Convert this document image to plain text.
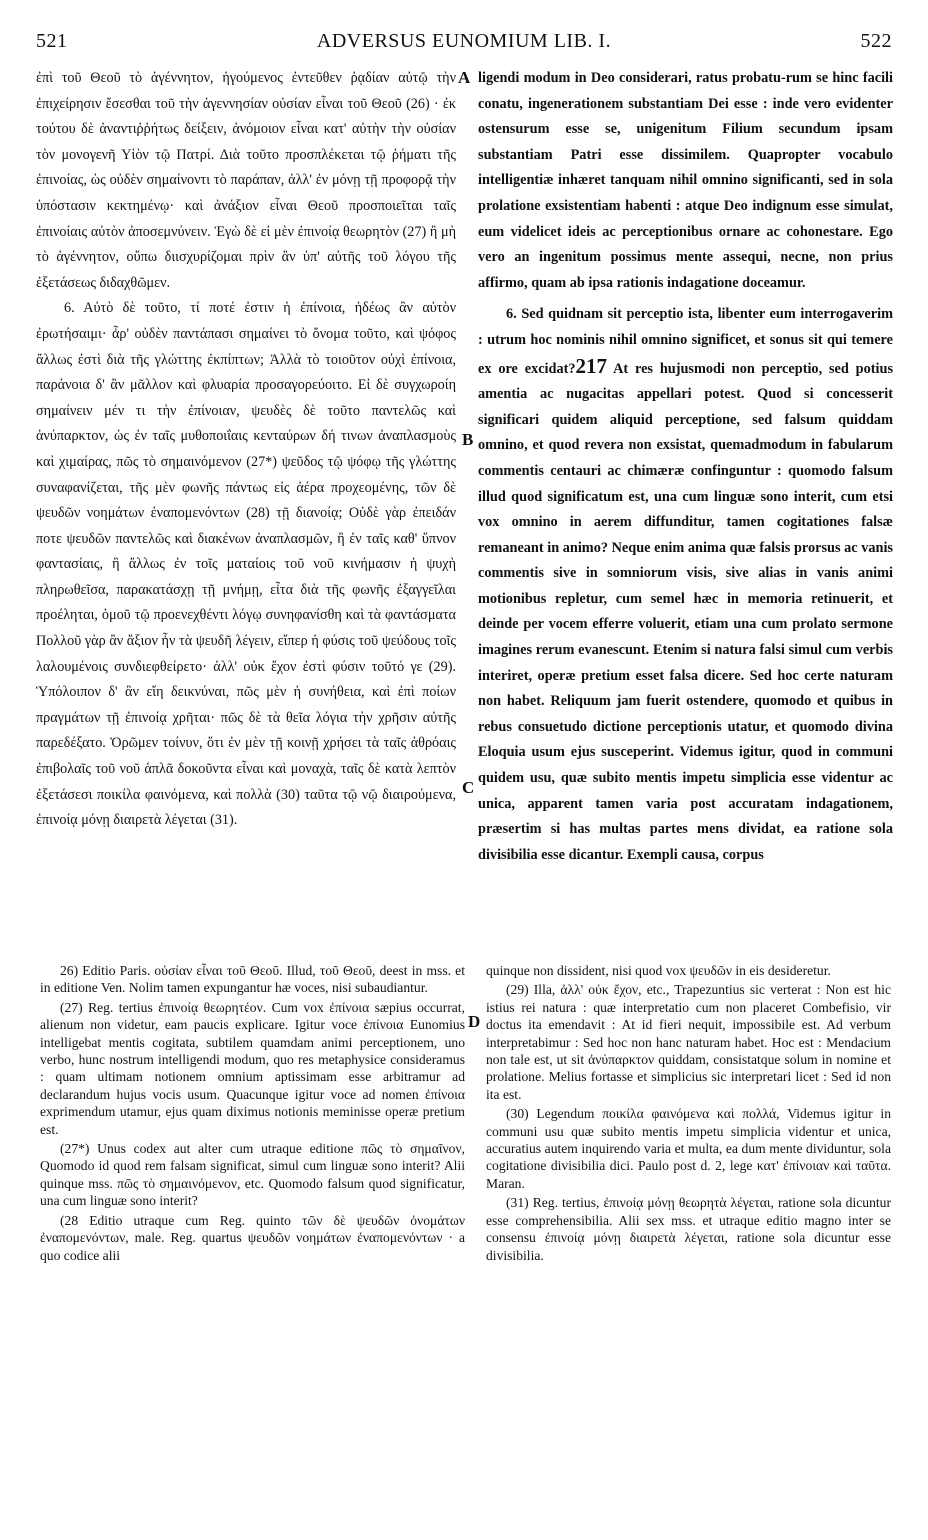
521	ADVERSUS EUNOMIUM LIB. I.	522

ἐπὶ τοῦ Θεοῦ τὸ ἀγέννητον, ἡγούμενος ἐντεῦθεν ῥᾳδίαν αὐτῷ τὴν ἐπιχείρησιν ἔσεσθαι τοῦ τὴν ἀγεννησίαν οὐσίαν εἶναι τοῦ Θεοῦ (26) · ἐκ τούτου δὲ ἀναντιῤῥήτως δείξειν, ἀνόμοιον εἶναι κατ' αὐτὴν τὴν οὐσίαν τὸν μονογενῆ Υἱὸν τῷ Πατρί. Διὰ τοῦτο προσπλέκεται τῷ ῥήματι τῆς ἐπινοίας, ὡς οὐδὲν σημαίνοντι τὸ παράπαν, ἀλλ' ἐν μόνῃ τῇ προφορᾷ τὴν ὑπόστασιν κεκτημένῳ· καὶ ἀνάξιον εἶναι Θεοῦ προσποιεῖται ταῖς ἐπινοίαις αὐτὸν ἀποσεμνύνειν. Ἐγὼ δὲ εἰ μὲν ἐπινοίᾳ θεωρητὸν (27) ἢ μὴ τὸ ἀγέννητον, οὔπω διισχυρίζομαι πρὶν ἂν ὑπ' αὐτῆς τοῦ λόγου τῆς ἐξετάσεως διδαχθῶμεν.

6. Αὐτὸ δὲ τοῦτο, τί ποτέ ἐστιν ἡ ἐπίνοια, ἡδέως ἂν αὐτὸν ἐρωτήσαιμι· ἆρ' οὐδὲν παντάπασι σημαίνει τὸ ὄνομα τοῦτο, καὶ ψόφος ἄλλως ἐστὶ διὰ τῆς γλώττης ἐκπίπτων; Ἀλλὰ τὸ τοιοῦτον οὐχὶ ἐπίνοια, παράνοια δ' ἂν μᾶλλον καὶ φλυαρία προσαγορεύοιτο. Εἰ δὲ συγχωροίη σημαίνειν μέν τι τὴν ἐπίνοιαν, ψευδὲς δὲ τοῦτο παντελῶς καὶ ἀνύπαρκτον, ὡς ἐν ταῖς μυθοποιΐαις κενταύρων δή τινων ἀναπλασμοὺς καὶ χιμαίρας, πῶς τὸ σημαινόμενον (27*) ψεῦδος τῷ ψόφῳ τῆς γλώττης συναφανίζεται, τῆς μὲν φωνῆς πάντως εἰς ἀέρα προχεομένης, τῶν δὲ ψευδῶν νοημάτων ἐναπομενόντων (28) τῇ διανοίᾳ; Οὐδὲ γὰρ ἐπειδάν ποτε ψευδῶν παντελῶς καὶ διακένων ἀναπλασμῶν, ἢ ἐν ταῖς καθ' ὕπνον φαντασίαις, ἢ ἄλλως ἐν τοῖς ματαίοις τοῦ νοῦ κινήμασιν ἡ ψυχὴ πληρωθεῖσα, παρακατάσχῃ τῇ μνήμῃ, εἶτα διὰ τῆς φωνῆς ἐξαγγεῖλαι προέληται, ὁμοῦ τῷ προενεχθέντι λόγῳ συνηφανίσθη καὶ τὰ φαντάσματα Πολλοῦ γὰρ ἂν ἄξιον ἦν τὰ ψευδῆ λέγειν, εἴπερ ἡ φύσις τοῦ ψεύδους τοῖς λαλουμένοις συνδιεφθείρετο· ἀλλ' οὐκ ἔχον ἐστὶ φύσιν τοῦτό γε (29). Ὑπόλοιπον δ' ἂν εἴη δεικνύναι, πῶς μὲν ἡ συνήθεια, καὶ ἐπὶ ποίων πραγμάτων τῇ ἐπινοίᾳ χρῆται· πῶς δὲ τὰ θεῖα λόγια τὴν χρῆσιν αὐτῆς παρεδέξατο. Ὁρῶμεν τοίνυν, ὅτι ἐν μὲν τῇ κοινῇ χρήσει τὰ ταῖς ἀθρόαις ἐπιβολαῖς τοῦ νοῦ ἁπλᾶ δοκοῦντα εἶναι καὶ μοναχὰ, ταῖς δὲ κατὰ λεπτὸν ἐξετάσεσι ποικίλα φαινόμενα, καὶ πολλὰ (30) ταῦτα τῷ νῷ διαιρούμενα, ἐπινοίᾳ μόνῃ διαιρετὰ λέγεται (31).

ligendi modum in Deo considerari, ratus probatu-rum se hinc facili conatu, ingenerationem substantiam Dei esse : inde vero evidenter ostensurum esse se, unigenitum Filium secundum ipsam substantiam Patri esse dissimilem. Quapropter vocabulo intelligentiæ inhæret tanquam nihil omnino significanti, sed in sola prolatione exsistentiam habenti : atque Deo indignum esse simulat, eum videlicet ideis ac perceptionibus ornare ac cohonestare. Ego vero an ingenitum possimus mente assequi, necne, non prius affirmo, quam ab ipsa rationis indagatione doceamur.

6. Sed quidnam sit perceptio ista, libenter eum interrogaverim : utrum hoc nominis nihil omnino significet, et sonus sit qui temere ex ore excidat?217 At res hujusmodi non perceptio, sed potius amentia ac nugacitas appellari potest. Quod si concesserit significari quidem aliquid perceptione, sed falsum quiddam omnino, et quod revera non exsistat, quemadmodum in fabularum commentis centauri ac chimæræ confinguntur : quomodo falsum illud quod significatum est, una cum linguæ sono interit, cum etsi vox omnino in aerem diffunditur, tamen cogitationes falsæ remaneant in animo? Neque enim anima quæ falsis prorsus ac vanis commentis sive in somniorum visis, sive alias in vanis animi motionibus repletur, cum semel hæc in memoria retinuerit, et deinde per vocem efferre voluerit, etiam una cum prolato sermone imagines rerum evanescunt. Etenim si natura falsi simul cum verbis interiret, operæ pretium esset falsa dicere. Sed hoc certe naturam non habet. Reliquum jam fuerit ostendere, quomodo et quibus in rebus consuetudo dictione perceptionis utatur, et quomodo divina Eloquia usum ejus susceperint. Videmus igitur, quod in communi quidem usu, quæ subito mentis impetu simplicia esse videntur ac unica, apparent tamen varia post accuratam indagationem, præsertim si has multas partes mens dividat, ea ratione sola divisibilia esse dicantur. Exempli causa, corpus

A
B
C
D

26) Editio Paris. οὐσίαν εἶναι τοῦ Θεοῦ. Illud, τοῦ Θεοῦ, deest in mss. et in editione Ven. Nolim tamen expungantur hæ voces, nisi subaudiantur.

(27) Reg. tertius ἐπινοίᾳ θεωρητέον. Cum vox ἐπίνοια sæpius occurrat, alienum non videtur, eam paucis explicare. Igitur voce ἐπίνοια Eunomius intelligebat mentis cogitata, subtilem quamdam animi perceptionem, uno verbo, hunc nostrum intelligendi modum, quo res metaphysice consideramus : quam ultimam notionem omnium aptissimam esse arbitramur ad declarandum hujus vocis usum. Quacunque igitur voce ad nomen ἐπίνοια exprimendum utamur, ejus quam diximus notionis meminisse operæ pretium est.

(27*) Unus codex aut alter cum utraque editione πῶς τὸ σημαῖνον, Quomodo id quod rem falsam significat, simul cum linguæ sono interit? Alii quinque mss. πῶς τὸ σημαινόμενον, etc. Quomodo falsum quod significatur, una cum linguæ sono interit?

(28 Editio utraque cum Reg. quinto τῶν δὲ ψευδῶν ὀνομάτων ἐναπομενόντων, male. Reg. quartus ψευδῶν νοημάτων ἐναπομενόντων · a quo codice alii

quinque non dissident, nisi quod vox ψευδῶν in eis desideretur.

(29) Illa, ἀλλ' οὐκ ἔχον, etc., Trapezuntius sic verterat : Non est hic istius rei natura : quæ interpretatio cum non placeret Combefisio, vir doctus ita emendavit : At id fieri nequit, impossibile est. Ad verbum interpretabimur : Sed hoc non hanc naturam habet. Hoc est : Mendacium non tale est, ut sit ἀνύπαρκτον quiddam, consistatque solum in nomine et prolatione. Melius fortasse et simplicius sic interpretari licet : Sed id non ita est.

(30) Legendum ποικίλα φαινόμενα καὶ πολλά, Videmus igitur in communi usu quæ subito mentis impetu simplicia videntur et unica, accuratius autem inquirendo varia et multa, ea dum mente dividuntur, sola cogitatione divisibilia dici. Paulo post d. 2, lege κατ' ἐπίνοιαν καὶ ταῦτα. Maran.

(31) Reg. tertius, ἐπινοίᾳ μόνῃ θεωρητὰ λέγεται, ratione sola dicuntur esse comprehensibilia. Alii sex mss. et utraque editio magno inter se consensu ἐπινοίᾳ μόνῃ διαιρετὰ λέγεται, ratione sola dicuntur esse divisibilia.
